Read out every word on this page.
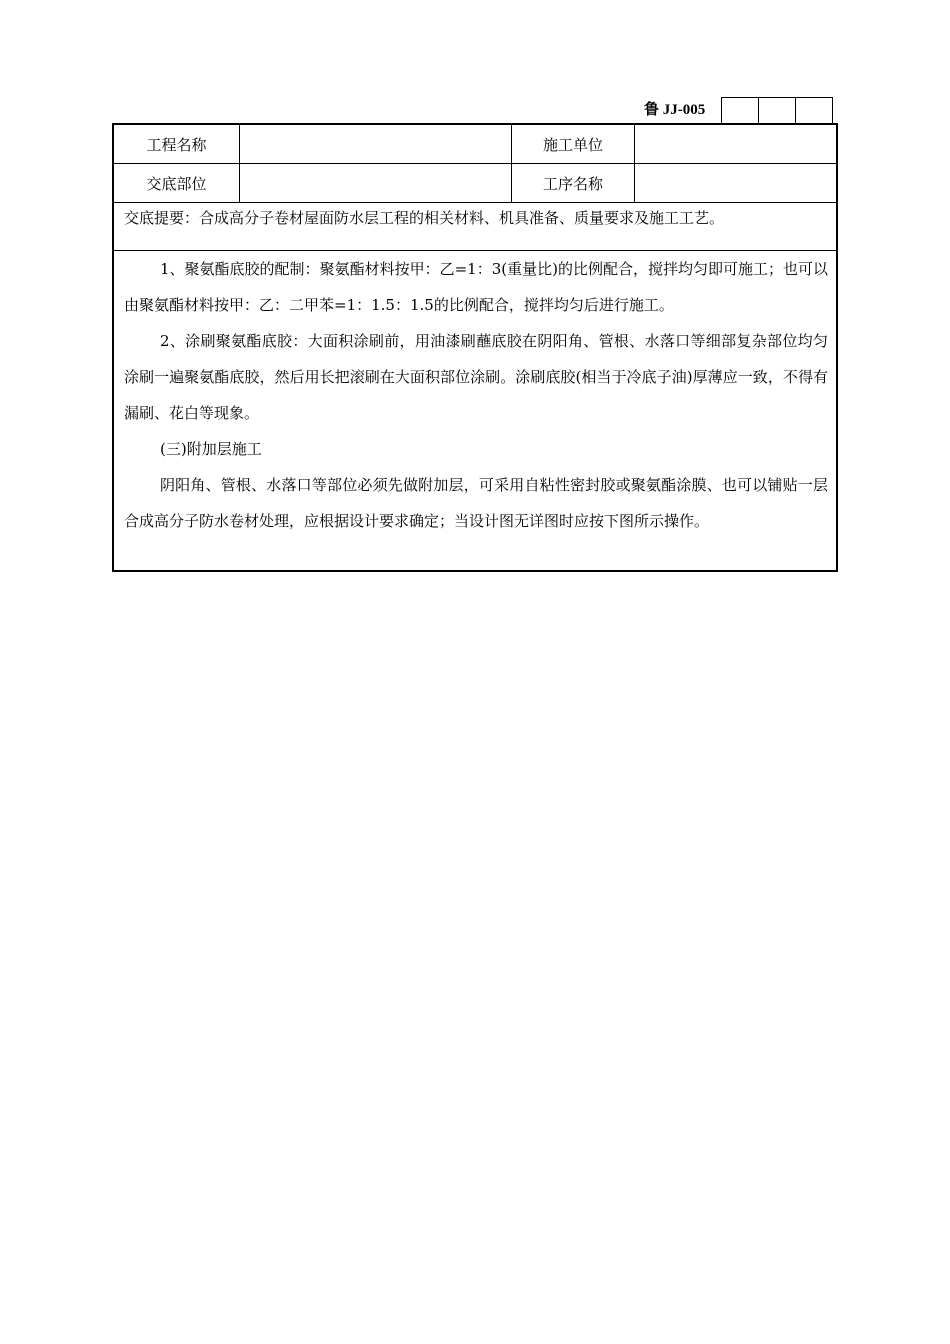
鲁 JJ-005
工程名称	施工单位
交底部位	工序名称
交底提要：合成高分子卷材屋面防水层工程的相关材料、机具准备、质量要求及施工工艺。

1、聚氨酯底胶的配制：聚氨酯材料按甲：乙=1：3(重量比)的比例配合，搅拌均匀即可施工；也可以由聚氨酯材料按甲：乙：二甲苯=1：1.5：1.5的比例配合，搅拌均匀后进行施工。

2、涂刷聚氨酯底胶：大面积涂刷前，用油漆刷蘸底胶在阴阳角、管根、水落口等细部复杂部位均匀涂刷一遍聚氨酯底胶，然后用长把滚刷在大面积部位涂刷。涂刷底胶(相当于冷底子油)厚薄应一致，不得有漏刷、花白等现象。

(三)附加层施工

阴阳角、管根、水落口等部位必须先做附加层，可采用自粘性密封胶或聚氨酯涂膜、也可以铺贴一层合成高分子防水卷材处理，应根据设计要求确定；当设计图无详图时应按下图所示操作。
